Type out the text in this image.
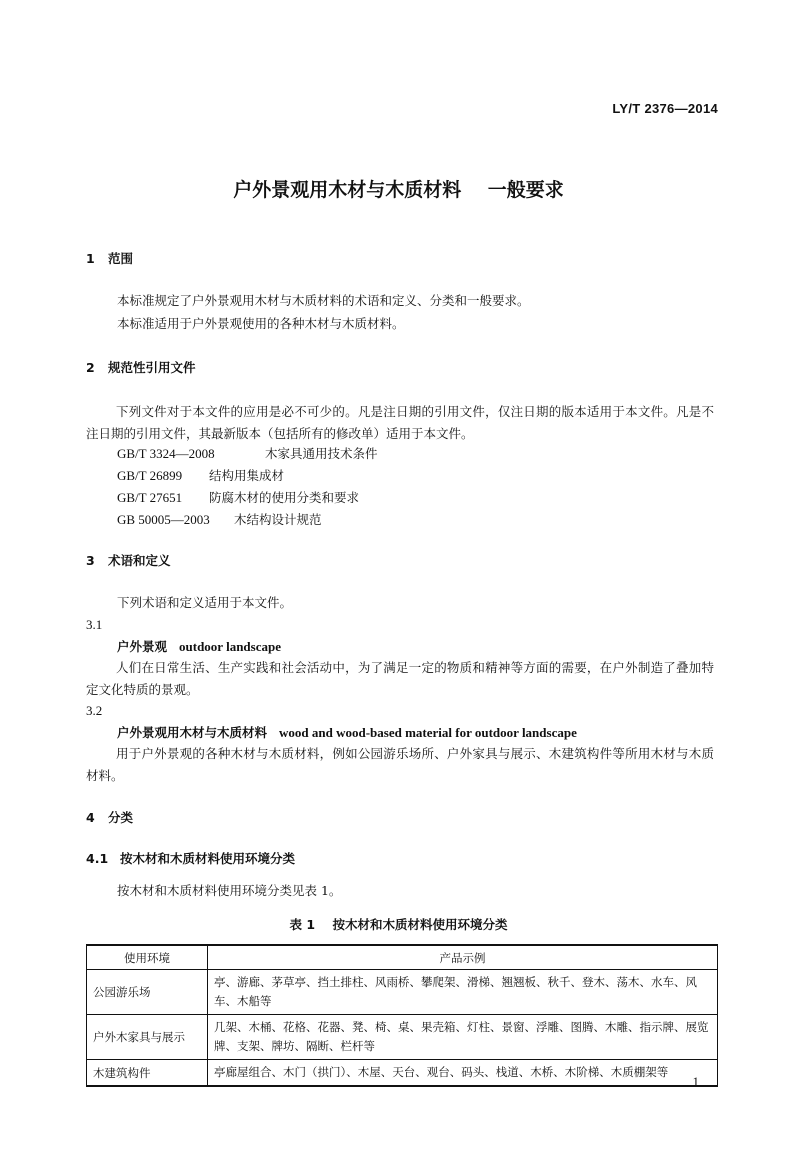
LY/T 2376—2014
户外景观用木材与木质材料    一般要求
1 范围
本标准规定了户外景观用木材与木质材料的术语和定义、分类和一般要求。
本标准适用于户外景观使用的各种木材与木质材料。
2 规范性引用文件
下列文件对于本文件的应用是必不可少的。凡是注日期的引用文件，仅注日期的版本适用于本文件。凡是不注日期的引用文件，其最新版本（包括所有的修改单）适用于本文件。
GB/T 3324—2008	木家具通用技术条件
GB/T 26899 结构用集成材
GB/T 27651 防腐木材的使用分类和要求
GB 50005—2003 木结构设计规范
3 术语和定义
下列术语和定义适用于本文件。
3.1
户外景观 outdoor landscape
人们在日常生活、生产实践和社会活动中，为了满足一定的物质和精神等方面的需要，在户外制造了叠加特定文化特质的景观。
3.2
户外景观用木材与木质材料 wood and wood-based material for outdoor landscape
用于户外景观的各种木材与木质材料，例如公园游乐场所、户外家具与展示、木建筑构件等所用木材与木质材料。
4 分类
4.1 按木材和木质材料使用环境分类
按木材和木质材料使用环境分类见表 1。
表 1    按木材和木质材料使用环境分类
使用环境	产品示例
公园游乐场	亭、游廊、茅草亭、挡土排柱、风雨桥、攀爬架、滑梯、翘翘板、秋千、登木、荡木、水车、风车、木船等
户外木家具与展示	几架、木桶、花格、花器、凳、椅、桌、果壳箱、灯柱、景窗、浮雕、图腾、木雕、指示牌、展览牌、支架、牌坊、隔断、栏杆等
木建筑构件	亭廊屋组合、木门（拱门）、木屋、天台、观台、码头、栈道、木桥、木阶梯、木质棚架等
1
